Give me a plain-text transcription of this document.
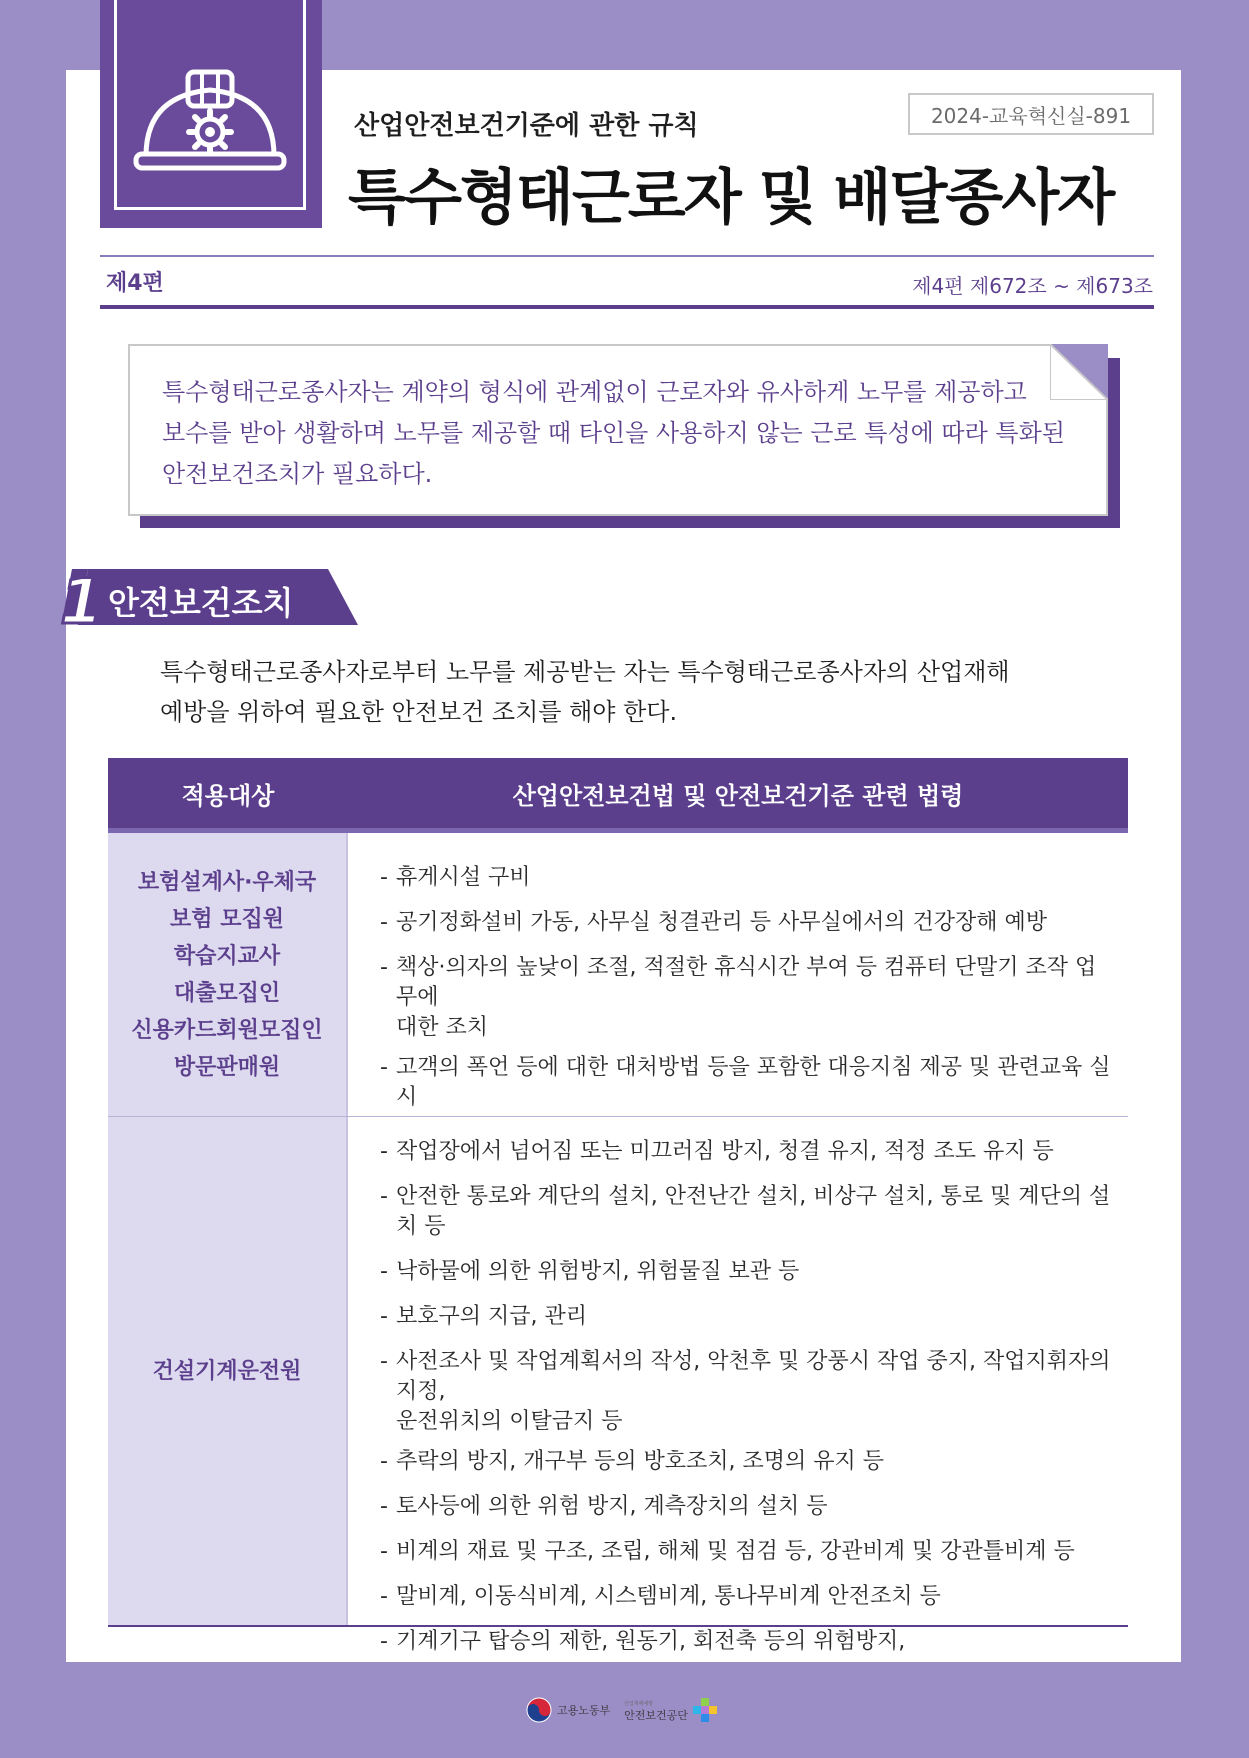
2024-교육혁신실-891
산업안전보건기준에 관한 규칙
특수형태근로자 및 배달종사자
제4편	제4편 제672조 ~ 제673조
특수형태근로종사자는 계약의 형식에 관계없이 근로자와 유사하게 노무를 제공하고
보수를 받아 생활하며 노무를 제공할 때 타인을 사용하지 않는 근로 특성에 따라 특화된
안전보건조치가 필요하다.
1 안전보건조치
특수형태근로종사자로부터 노무를 제공받는 자는 특수형태근로종사자의 산업재해
예방을 위하여 필요한 안전보건 조치를 해야 한다.
적용대상	산업안전보건법 및 안전보건기준 관련 법령
보험설계사·우체국
보험 모집원
학습지교사
대출모집인
신용카드회원모집인
방문판매원
- 휴게시설 구비
- 공기정화설비 가동, 사무실 청결관리 등 사무실에서의 건강장해 예방
- 책상·의자의 높낮이 조절, 적절한 휴식시간 부여 등 컴퓨터 단말기 조작 업무에
대한 조치
- 고객의 폭언 등에 대한 대처방법 등을 포함한 대응지침 제공 및 관련교육 실시
건설기계운전원
- 작업장에서 넘어짐 또는 미끄러짐 방지, 청결 유지, 적정 조도 유지 등
- 안전한 통로와 계단의 설치, 안전난간 설치, 비상구 설치, 통로 및 계단의 설치 등
- 낙하물에 의한 위험방지, 위험물질 보관 등
- 보호구의 지급, 관리
- 사전조사 및 작업계획서의 작성, 악천후 및 강풍시 작업 중지, 작업지휘자의 지정,
운전위치의 이탈금지 등
- 추락의 방지, 개구부 등의 방호조치, 조명의 유지 등
- 토사등에 의한 위험 방지, 계측장치의 설치 등
- 비계의 재료 및 구조, 조립, 해체 및 점검 등, 강관비계 및 강관틀비계 등
- 말비계, 이동식비계, 시스템비계, 통나무비계 안전조치 등
- 기계기구 탑승의 제한, 원동기, 회전축 등의 위험방지,
고용노동부	산업재해예방
안전보건공단
